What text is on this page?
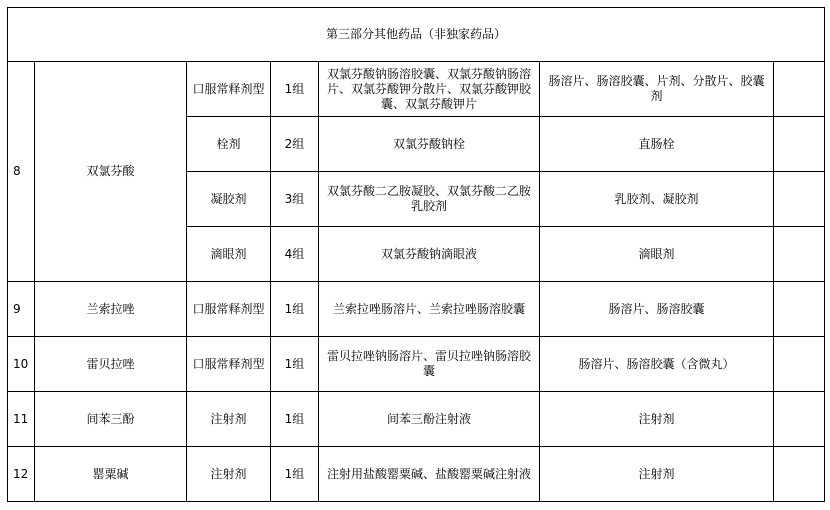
第三部分其他药品（非独家药品）						
8	双氯芬酸	口服常释剂型	1组	双氯芬酸钠肠溶胶囊、双氯芬酸钠肠溶片、双氯芬酸钾分散片、双氯芬酸钾胶囊、双氯芬酸钾片	肠溶片、肠溶胶囊、片剂、分散片、胶囊剂	
		栓剂	2组	双氯芬酸钠栓	直肠栓	
		凝胶剂	3组	双氯芬酸二乙胺凝胶、双氯芬酸二乙胺乳胶剂	乳胶剂、凝胶剂	
		滴眼剂	4组	双氯芬酸钠滴眼液	滴眼剂	
9	兰索拉唑	口服常释剂型	1组	兰索拉唑肠溶片、兰索拉唑肠溶胶囊	肠溶片、肠溶胶囊	
10	雷贝拉唑	口服常释剂型	1组	雷贝拉唑钠肠溶片、雷贝拉唑钠肠溶胶囊	肠溶片、肠溶胶囊（含微丸）	
11	间苯三酚	注射剂	1组	间苯三酚注射液	注射剂	
12	罂粟碱	注射剂	1组	注射用盐酸罂粟碱、盐酸罂粟碱注射液	注射剂	
